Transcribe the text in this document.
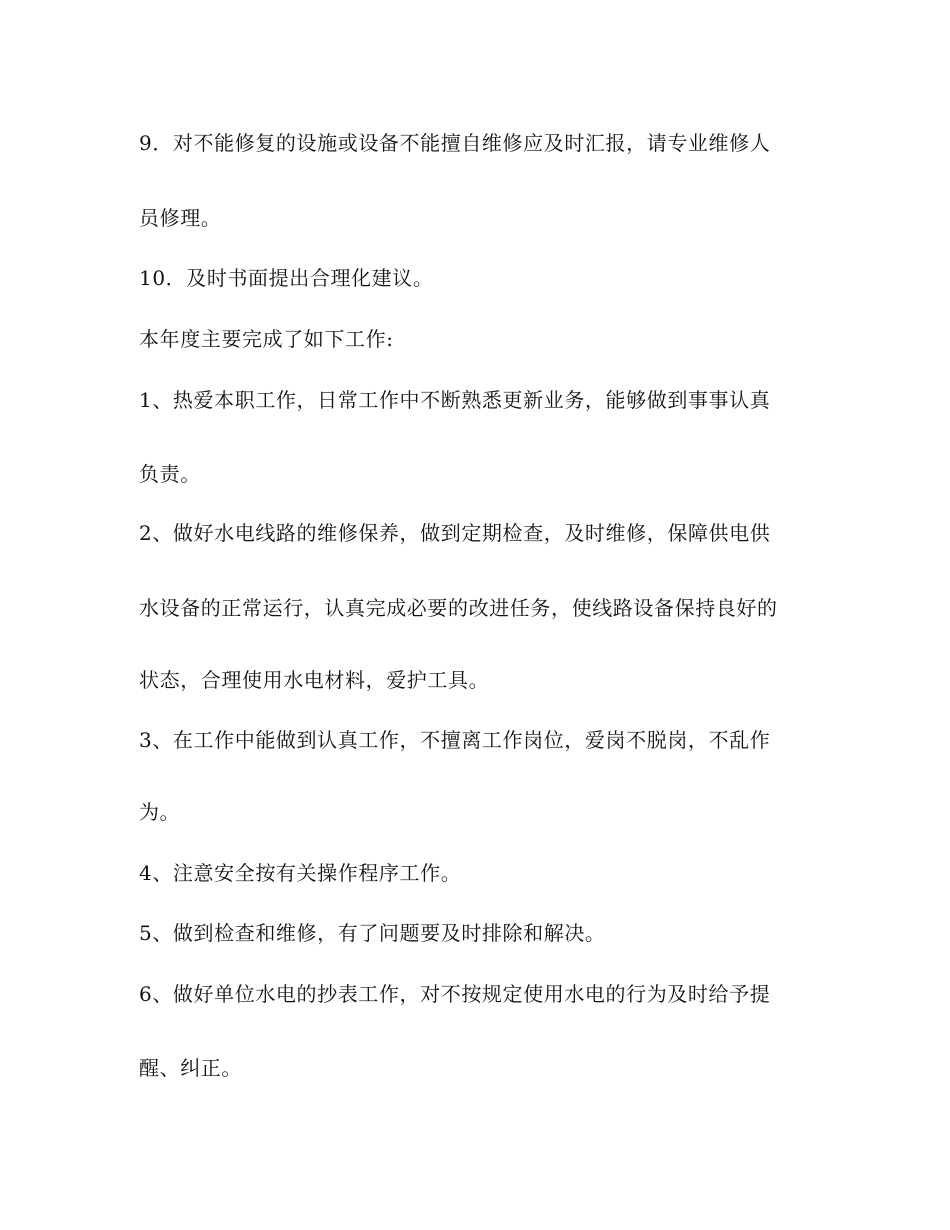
9．对不能修复的设施或设备不能擅自维修应及时汇报，请专业维修人
员修理。
10．及时书面提出合理化建议。
本年度主要完成了如下工作:
1、热爱本职工作，日常工作中不断熟悉更新业务，能够做到事事认真
负责。
2、做好水电线路的维修保养，做到定期检查，及时维修，保障供电供
水设备的正常运行，认真完成必要的改进任务，使线路设备保持良好的
状态，合理使用水电材料，爱护工具。
3、在工作中能做到认真工作，不擅离工作岗位，爱岗不脱岗，不乱作
为。
4、注意安全按有关操作程序工作。
5、做到检查和维修，有了问题要及时排除和解决。
6、做好单位水电的抄表工作，对不按规定使用水电的行为及时给予提
醒、纠正。
